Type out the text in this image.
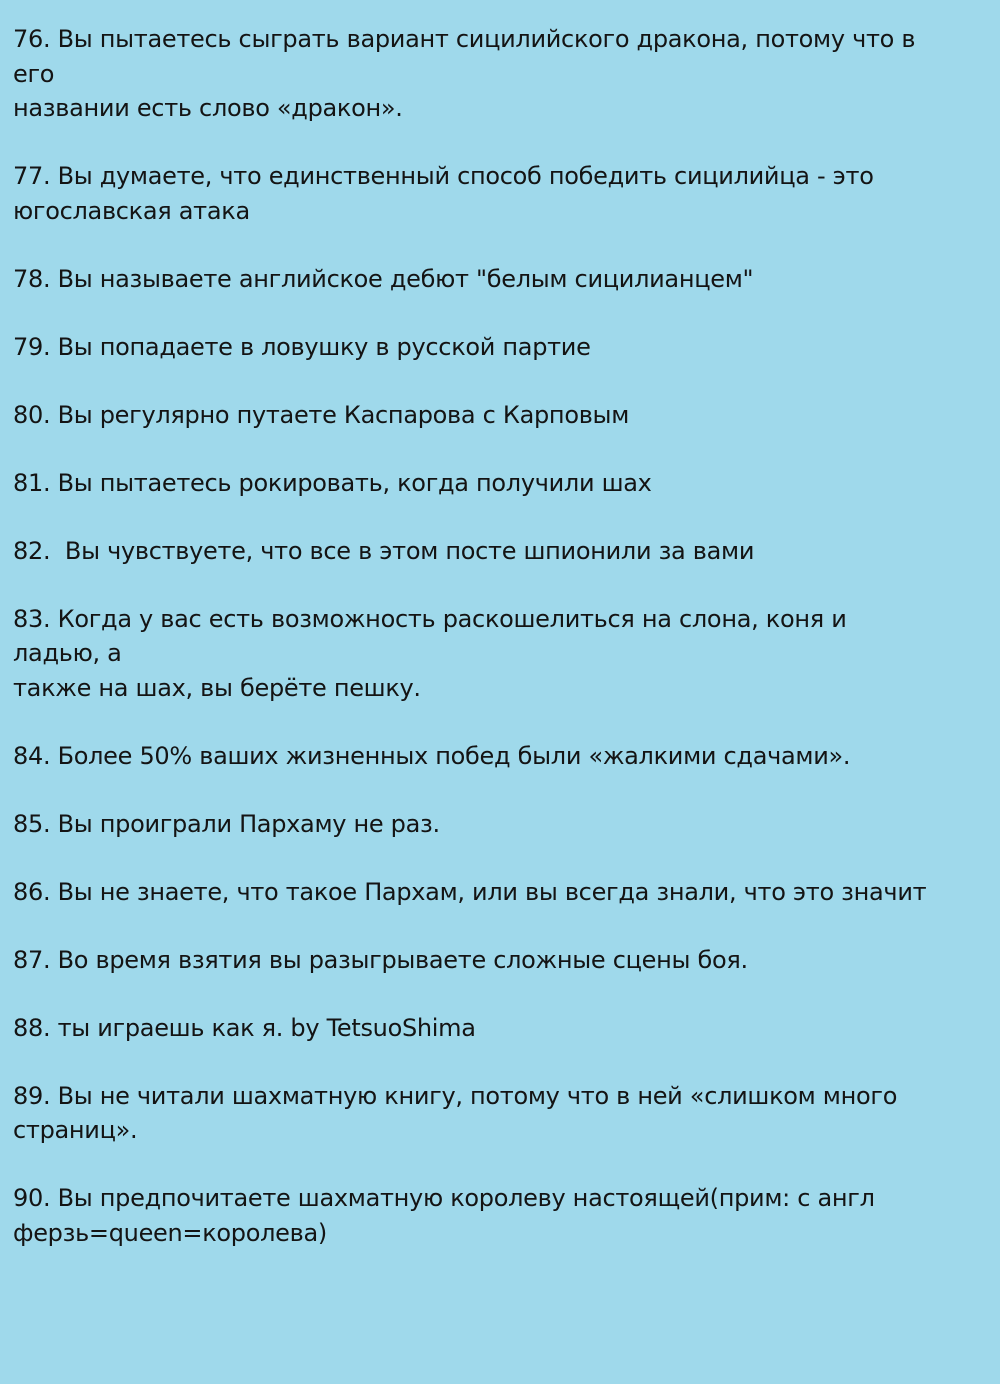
76. Вы пытаетесь сыграть вариант сицилийского дракона, потому что в его
названии есть слово «дракон».
77. Вы думаете, что единственный способ победить сицилийца - это
югославская атака
78. Вы называете английское дебют "белым сицилианцем"
79. Вы попадаете в ловушку в русской партие
80. Вы регулярно путаете Каспарова с Карповым
81. Вы пытаетесь рокировать, когда получили шах
82.  Вы чувствуете, что все в этом посте шпионили за вами
83. Когда у вас есть возможность раскошелиться на слона, коня и ладью, а
также на шах, вы берёте пешку.
84. Более 50% ваших жизненных побед были «жалкими сдачами».
85. Вы проиграли Пархаму не раз.
86. Вы не знаете, что такое Пархам, или вы всегда знали, что это значит
87. Во время взятия вы разыгрываете сложные сцены боя.
88. ты играешь как я. by TetsuoShima
89. Вы не читали шахматную книгу, потому что в ней «слишком много
страниц».
90. Вы предпочитаете шахматную королеву настоящей(прим: с англ
ферзь=queen=королева)
